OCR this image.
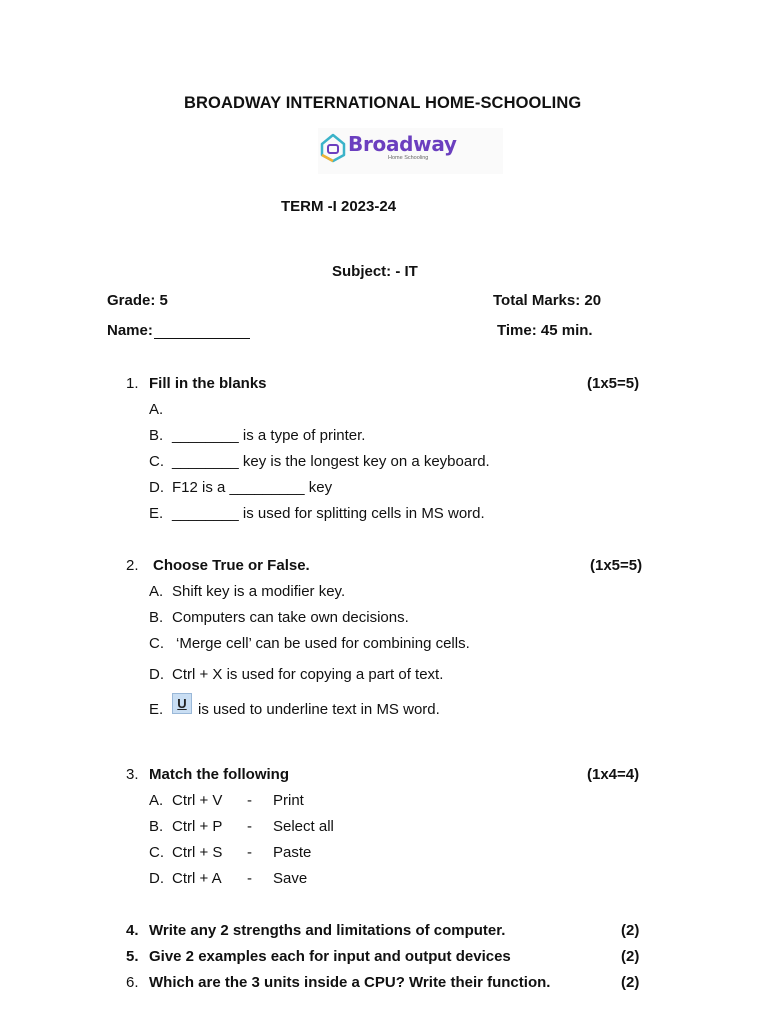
BROADWAY INTERNATIONAL HOME-SCHOOLING
Broadway
Home Schooling
TERM -I 2023-24
Subject: - IT
Grade: 5	Total Marks: 20
Name:	Time: 45 min.
1. Fill in the blanks	(1x5=5)
A.
B. ________ is a type of printer.
C. ________ key is the longest key on a keyboard.
D. F12 is a _________ key
E. ________ is used for splitting cells in MS word.
2. Choose True or False.	(1x5=5)
A. Shift key is a modifier key.
B. Computers can take own decisions.
C. ‘Merge cell’ can be used for combining cells.
D. Ctrl + X is used for copying a part of text.
E.	U is used to underline text in MS word.
3. Match the following	(1x4=4)
A. Ctrl + V - Print
B. Ctrl + P - Select all
C. Ctrl + S - Paste
D. Ctrl + A - Save
4. Write any 2 strengths and limitations of computer.	(2)
5. Give 2 examples each for input and output devices	(2)
6. Which are the 3 units inside a CPU? Write their function.	(2)
